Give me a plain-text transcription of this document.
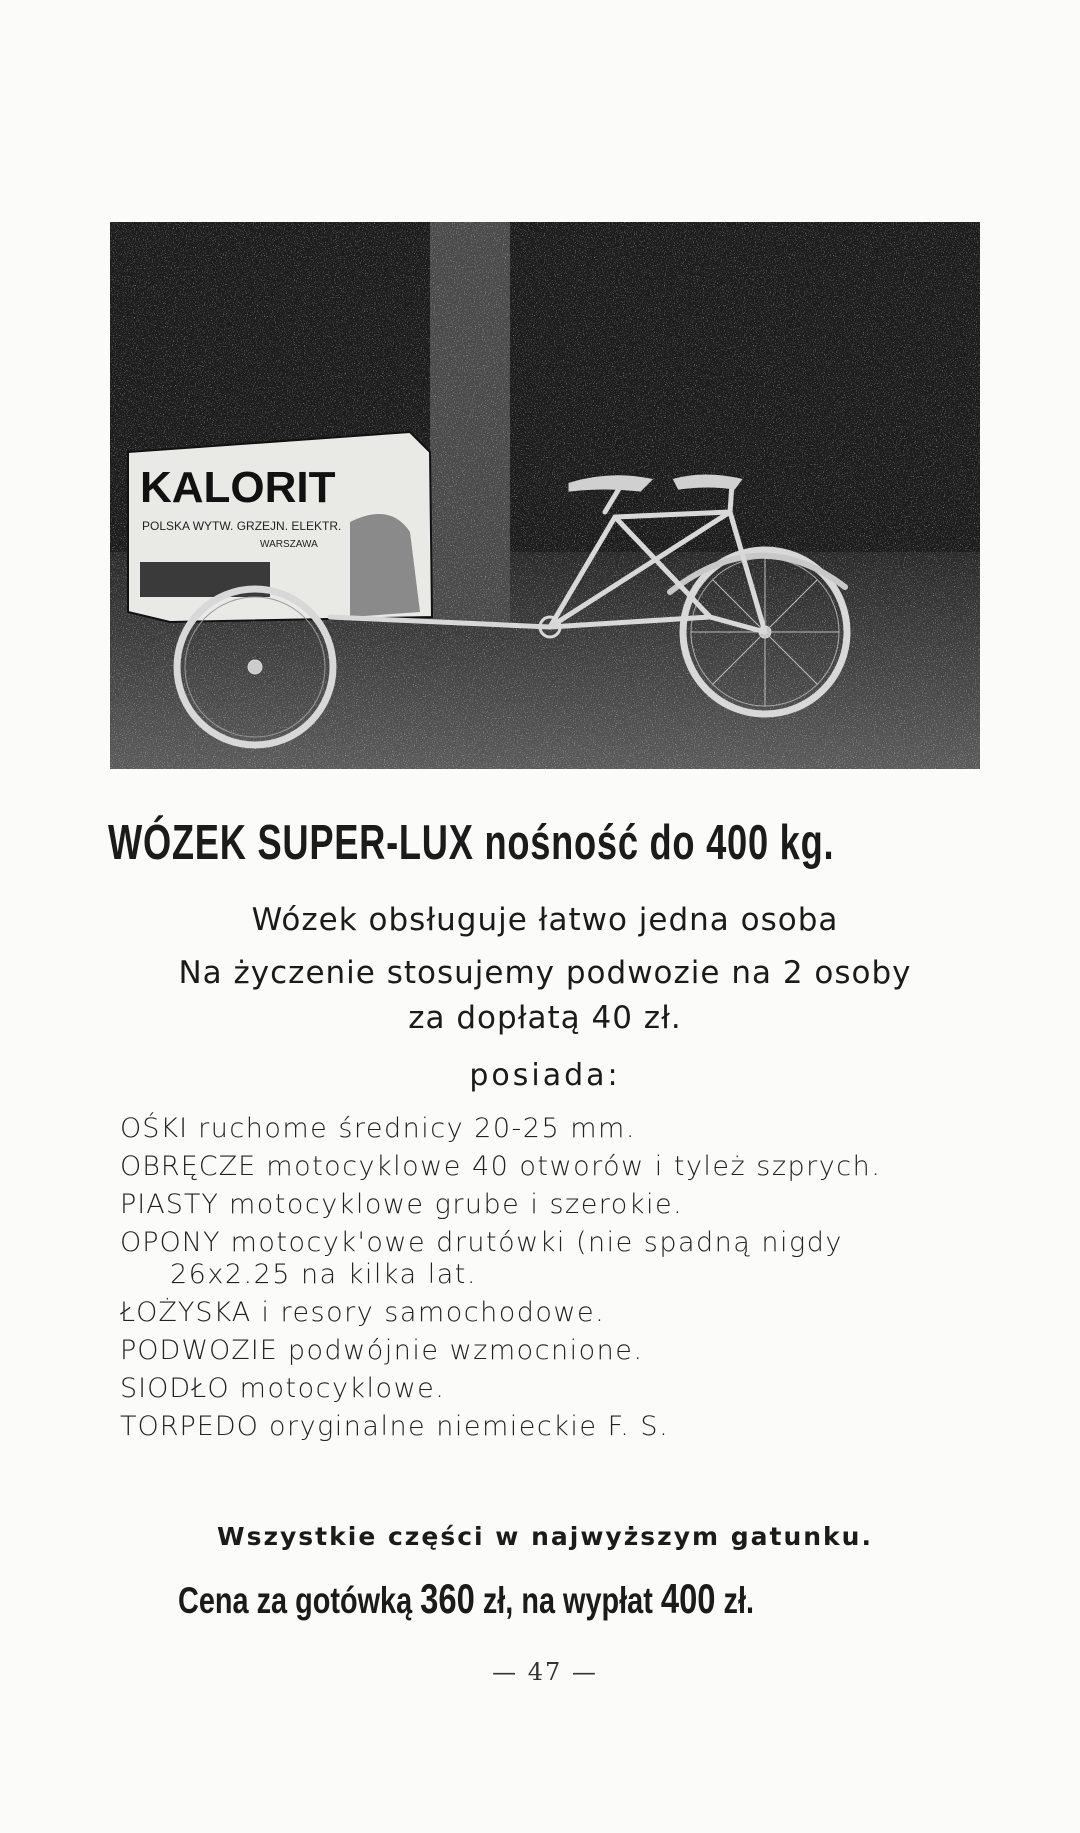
KALORIT
POLSKA WYTW. GRZEJN. ELEKTR.
WARSZAWA
WÓZEK SUPER-LUX nośność do 400 kg.
Wózek obsługuje łatwo jedna osoba
Na życzenie stosujemy podwozie na 2 osoby
za dopłatą 40 zł.
posiada:
OŚKI ruchome średnicy 20-25 mm.
OBRĘCZE motocyklowe 40 otworów i tyleż szprych.
PIASTY motocyklowe grube i szerokie.
OPONY motocyk'owe drutówki (nie spadną nigdy
26x2.25 na kilka lat.
ŁOŻYSKA i resory samochodowe.
PODWOZIE podwójnie wzmocnione.
SIODŁO motocyklowe.
TORPEDO oryginalne niemieckie F. S.
Wszystkie części w najwyższym gatunku.
Cena za gotówką 360 zł, na wypłat 400 zł.
— 47 —
